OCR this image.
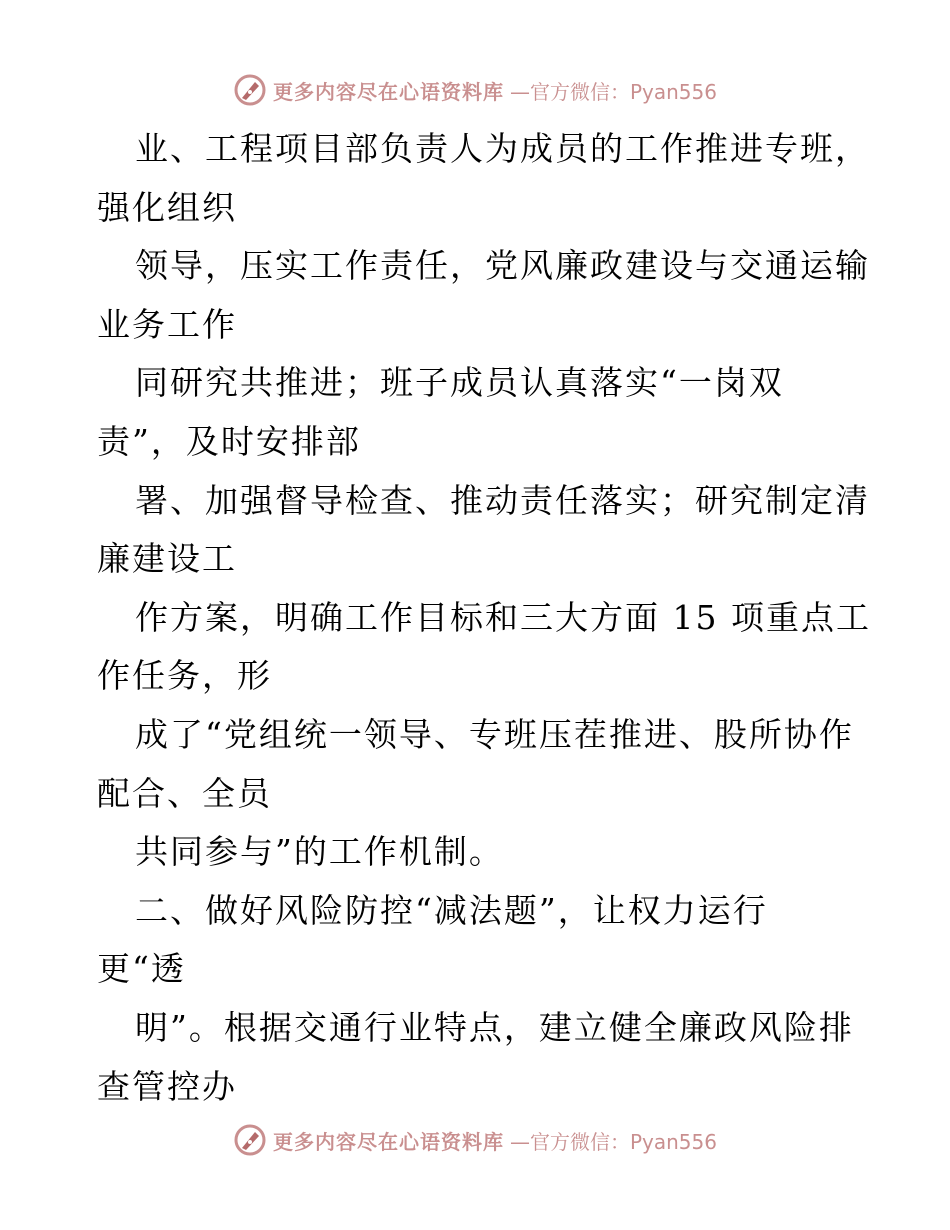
更多内容尽在心语资料库 —官方微信：Pyan556
业、工程项目部负责人为成员的工作推进专班，
强化组织
领导，压实工作责任，党风廉政建设与交通运输
业务工作
同研究共推进；班子成员认真落实“一岗双
责”，及时安排部
署、加强督导检查、推动责任落实；研究制定清
廉建设工
作方案，明确工作目标和三大方面 15 项重点工
作任务，形
成了“党组统一领导、专班压茬推进、股所协作
配合、全员
共同参与”的工作机制。
二、做好风险防控“减法题”，让权力运行
更“透
明”。根据交通行业特点，建立健全廉政风险排
查管控办
更多内容尽在心语资料库 —官方微信：Pyan556
